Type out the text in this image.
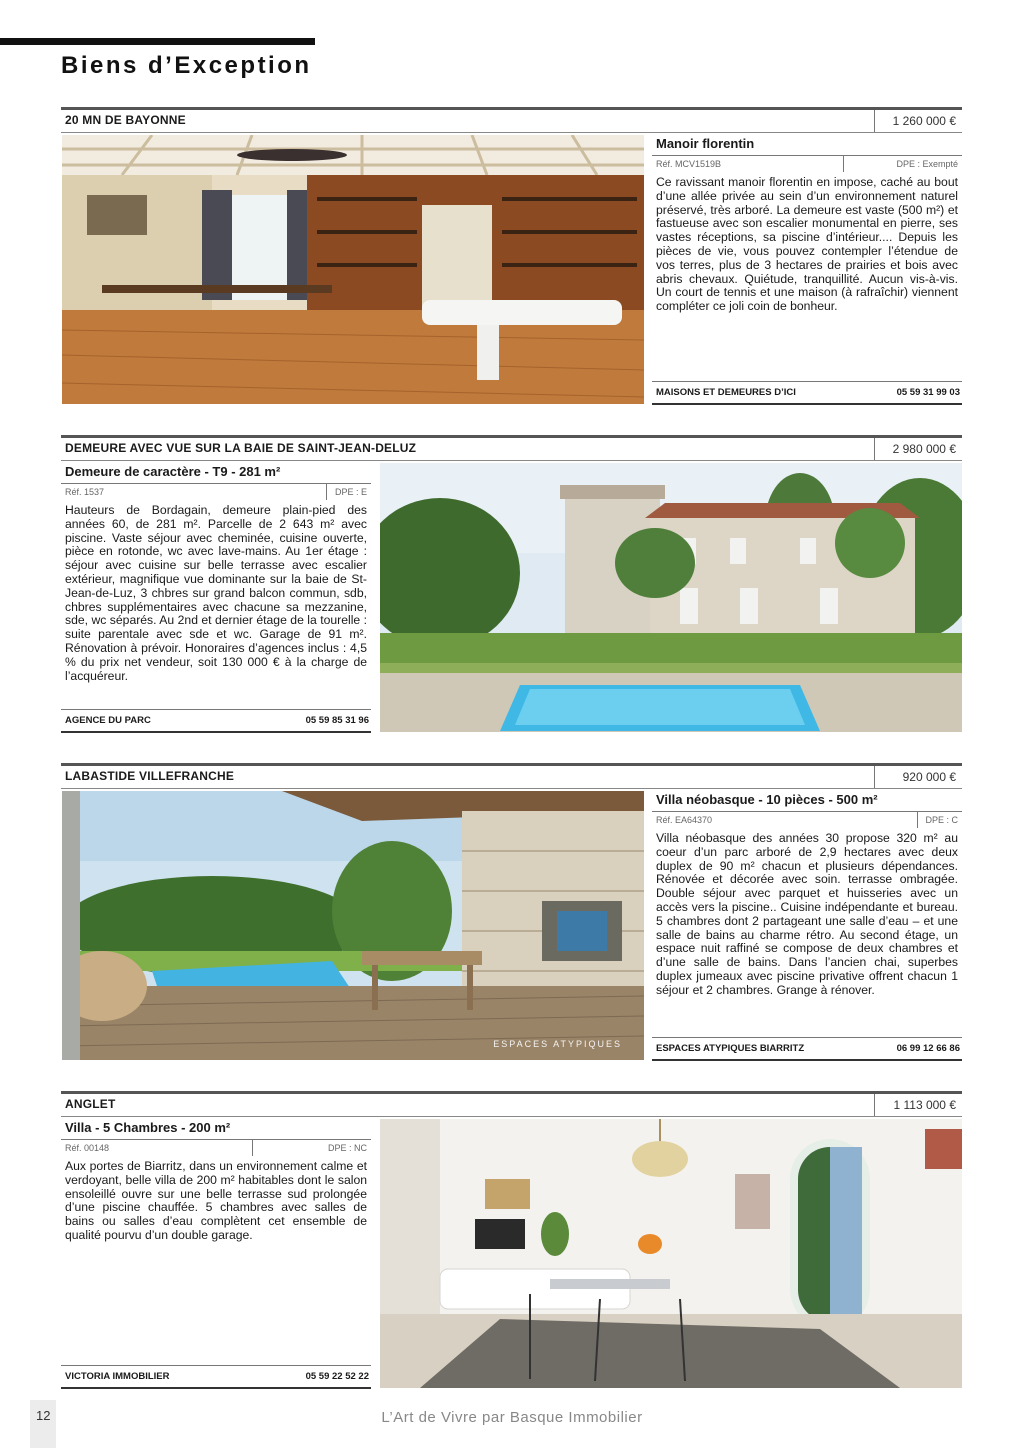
Biens d’Exception
20 MN DE BAYONNE	1 260 000 €
Manoir florentin
Réf. MCV1519B	DPE : Exempté

Ce ravissant manoir florentin en impose, caché au bout d’une allée privée au sein d’un environnement naturel préservé, très arboré. La demeure est vaste (500 m²) et fastueuse avec son escalier monumental en pierre, ses vastes réceptions, sa piscine d’intérieur.... Depuis les pièces de vie, vous pouvez contempler l’étendue de vos terres, plus de 3 hectares de prairies et bois avec abris chevaux. Quiétude, tranquillité. Aucun vis-à-vis. Un court de tennis et une maison (à rafraîchir) viennent compléter ce joli coin de bonheur.

MAISONS ET DEMEURES D’ICI	05 59 31 99 03
DEMEURE AVEC VUE SUR LA BAIE DE SAINT-JEAN-DELUZ	2 980 000 €
Demeure de caractère - T9 - 281 m²
Réf. 1537	DPE : E

Hauteurs de Bordagain, demeure plain-pied des années 60, de 281 m². Parcelle de 2 643 m² avec piscine. Vaste séjour avec cheminée, cuisine ouverte, pièce en rotonde, wc avec lave-mains. Au 1er étage : séjour avec cuisine sur belle terrasse avec escalier extérieur, magnifique vue dominante sur la baie de St-Jean-de-Luz, 3 chbres sur grand balcon commun, sdb, chbres supplémentaires avec chacune sa mezzanine, sde, wc séparés. Au 2nd et dernier étage de la tourelle : suite parentale avec sde et wc. Garage de 91 m². Rénovation à prévoir. Honoraires d’agences inclus : 4,5 % du prix net vendeur, soit 130 000 € à la charge de l’acquéreur.

AGENCE DU PARC	05 59 85 31 96
LABASTIDE VILLEFRANCHE	920 000 €
ESPACES ATYPIQUES
Villa néobasque - 10 pièces - 500 m²
Réf. EA64370	DPE : C

Villa néobasque des années 30 propose 320 m² au coeur d’un parc arboré de 2,9 hectares avec deux duplex de 90 m² chacun et plusieurs dépendances. Rénovée et décorée avec soin. terrasse ombragée. Double séjour avec parquet et huisseries avec un accès vers la piscine.. Cuisine indépendante et bureau. 5 chambres dont 2 partageant une salle d’eau – et une salle de bains au charme rétro. Au second étage, un espace nuit raffiné se compose de deux chambres et d’une salle de bains. Dans l’ancien chai, superbes duplex jumeaux avec piscine privative offrent chacun 1 séjour et 2 chambres. Grange à rénover.

ESPACES ATYPIQUES BIARRITZ	06 99 12 66 86
ANGLET	1 113 000 €
Villa - 5 Chambres - 200 m²
Réf. 00148	DPE : NC

Aux portes de Biarritz, dans un environnement calme et verdoyant, belle villa de 200 m² habitables dont le salon ensoleillé ouvre sur une belle terrasse sud prolongée d’une piscine chauffée. 5 chambres avec salles de bains ou salles d’eau complètent cet ensemble de qualité pourvu d’un double garage.

VICTORIA IMMOBILIER	05 59 22 52 22
12	L’Art de Vivre par Basque Immobilier
